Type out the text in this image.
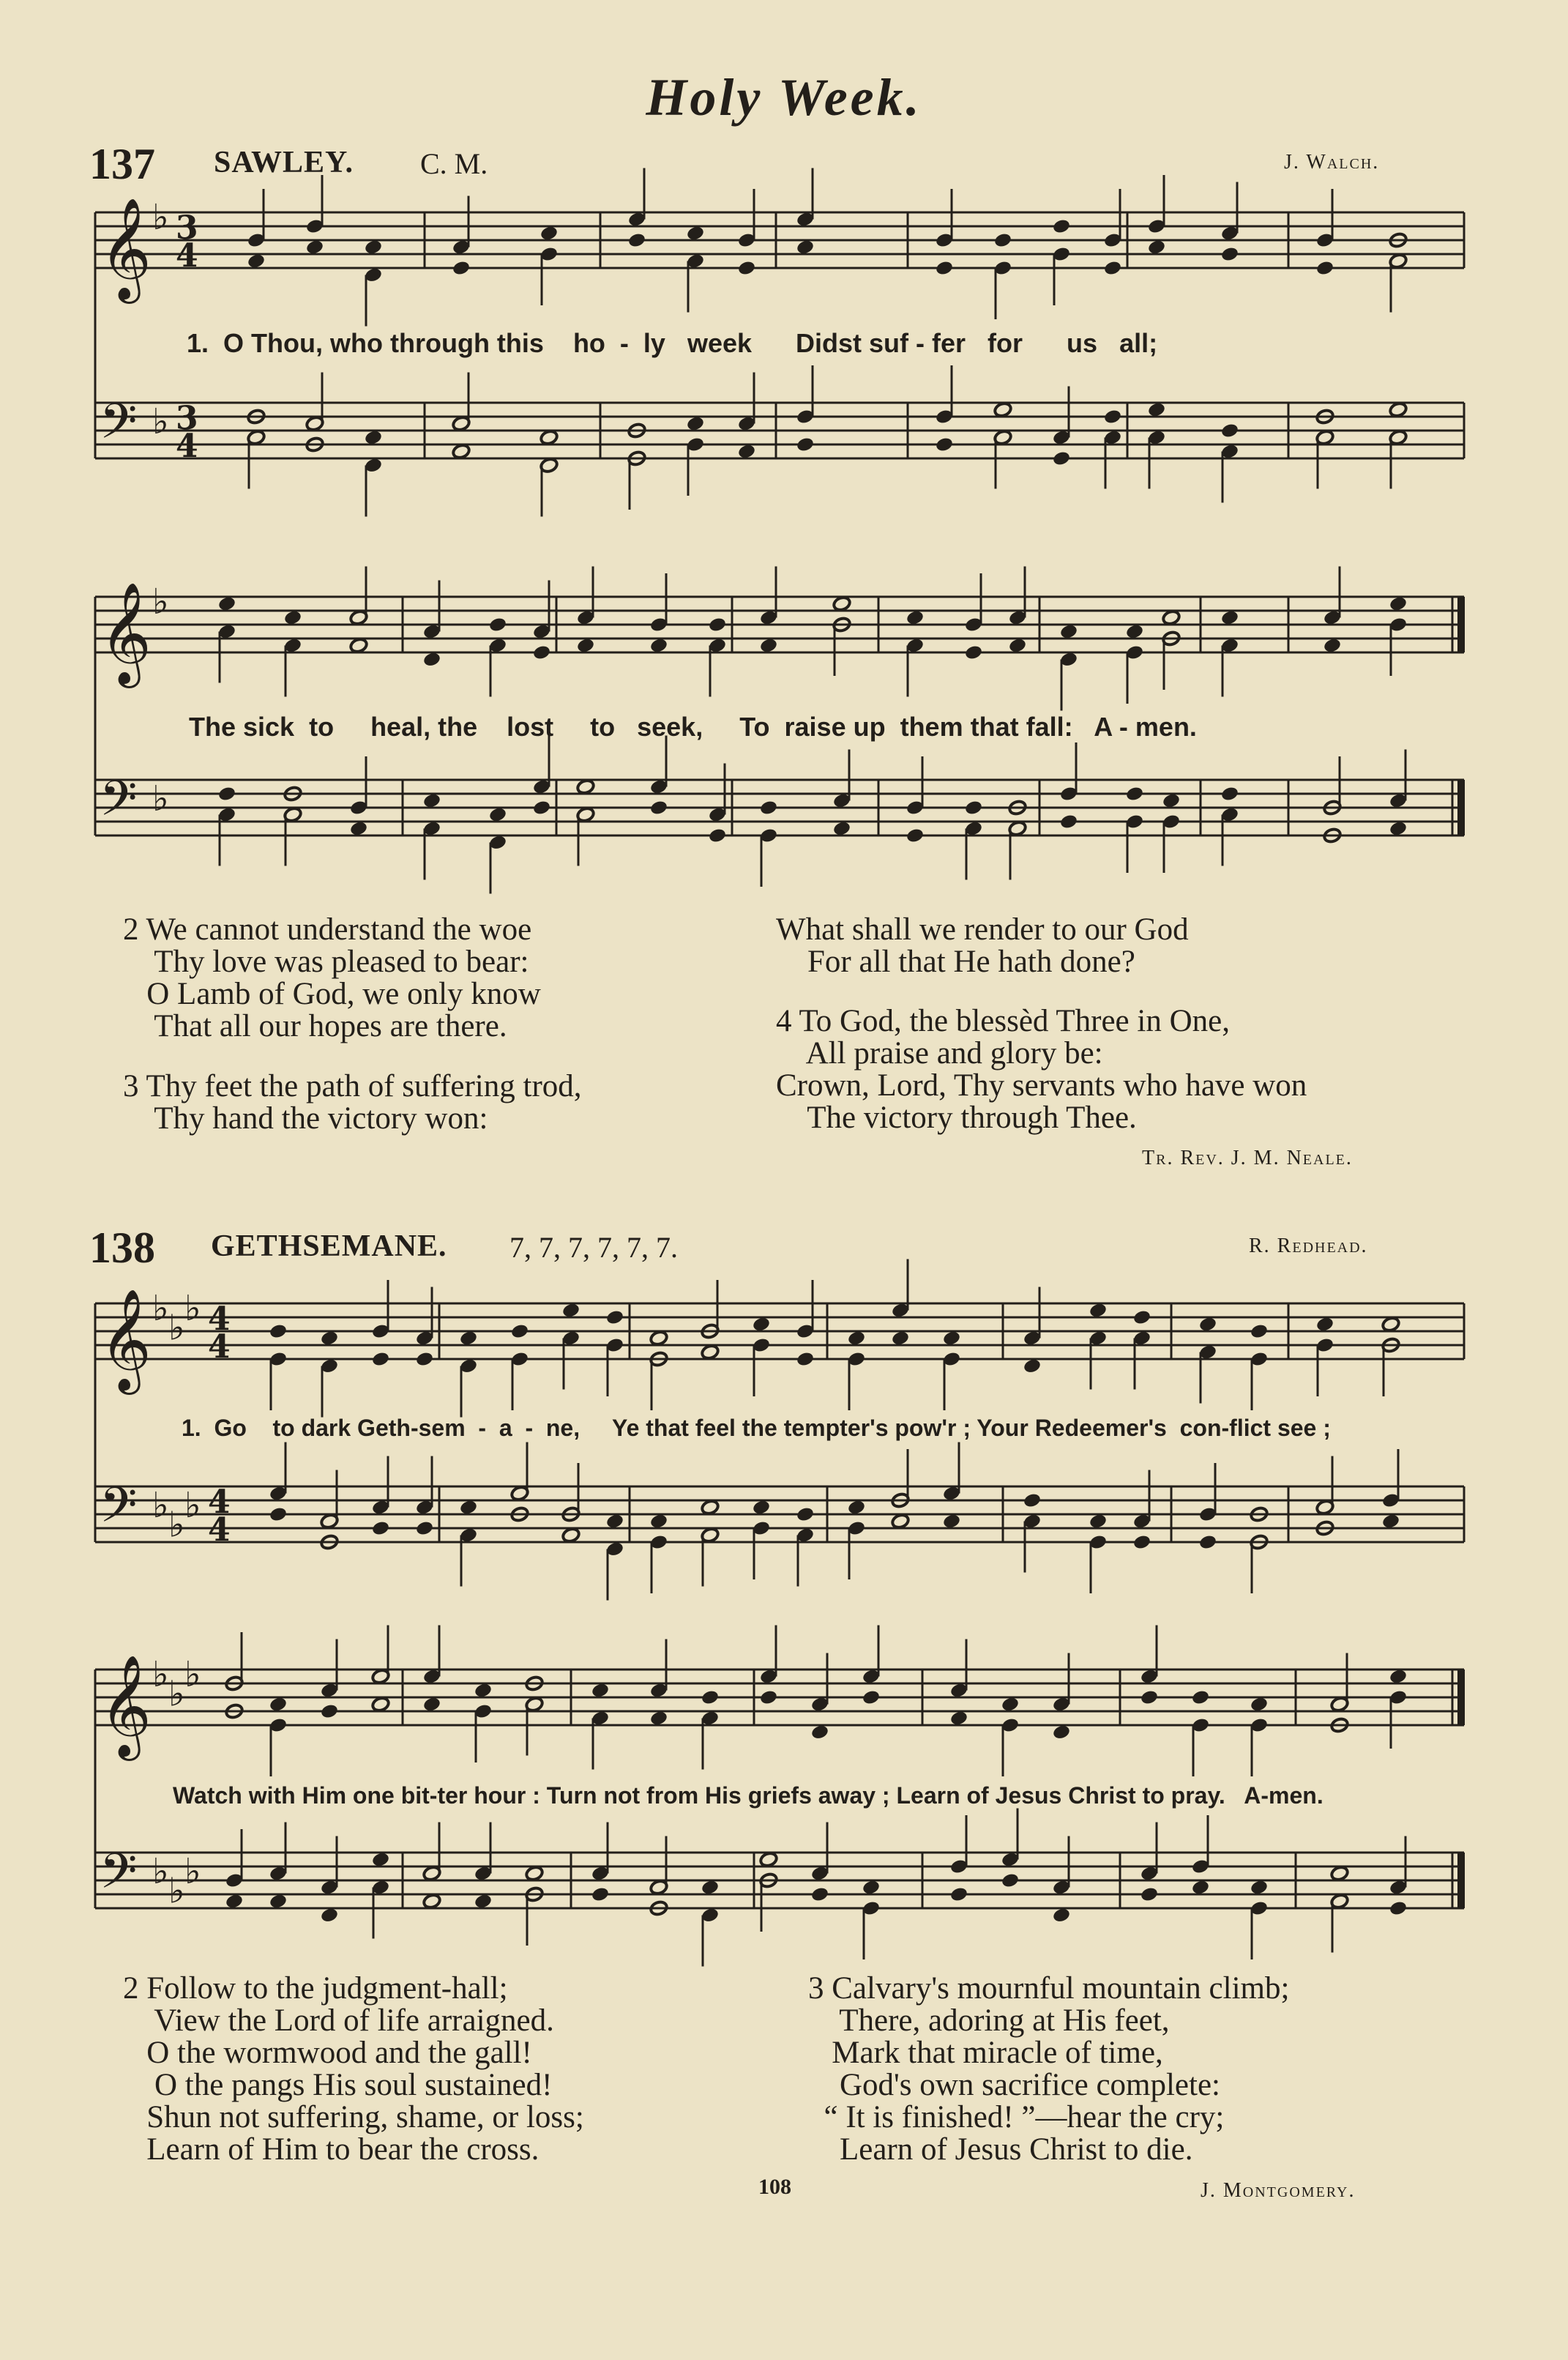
Holy Week.
137 SAWLEY. C. M.	J. Walch.
𝄞 ♭ 3
4
𝄢 ♭ 3
4
1.  O Thou, who through this    ho  -  ly   week      Didst suf - fer   for      us   all;
𝄞 ♭
𝄢 ♭
The sick  to     heal, the    lost     to   seek,     To  raise up  them that fall:   A - men.
2 We cannot understand the woe
Thy love was pleased to bear:
O Lamb of God, we only know
That all our hopes are there.
3 Thy feet the path of suffering trod,
Thy hand the victory won:
What shall we render to our God
For all that He hath done?
4 To God, the blessèd Three in One,
All praise and glory be:
Crown, Lord, Thy servants who have won
The victory through Thee.
Tr. Rev. J. M. Neale.
138 GETHSEMANE. 7, 7, 7, 7, 7, 7.	R. Redhead.
𝄞 ♭ ♭ ♭ 4
4
𝄢 ♭ ♭ ♭ 4
4
1.  Go    to dark Geth-sem  -  a  -  ne,     Ye that feel the tempter's pow'r ; Your Redeemer's  con-flict see ;
𝄞 ♭ ♭ ♭
𝄢 ♭ ♭ ♭
Watch with Him one bit-ter hour : Turn not from His griefs away ; Learn of Jesus Christ to pray.   A-men.
2 Follow to the judgment-hall;
View the Lord of life arraigned.
O the wormwood and the gall!
O the pangs His soul sustained!
Shun not suffering, shame, or loss;
Learn of Him to bear the cross.
3 Calvary's mournful mountain climb;
There, adoring at His feet,
Mark that miracle of time,
God's own sacrifice complete:
“ It is finished! ”—hear the cry;
Learn of Jesus Christ to die.
108	J. Montgomery.
